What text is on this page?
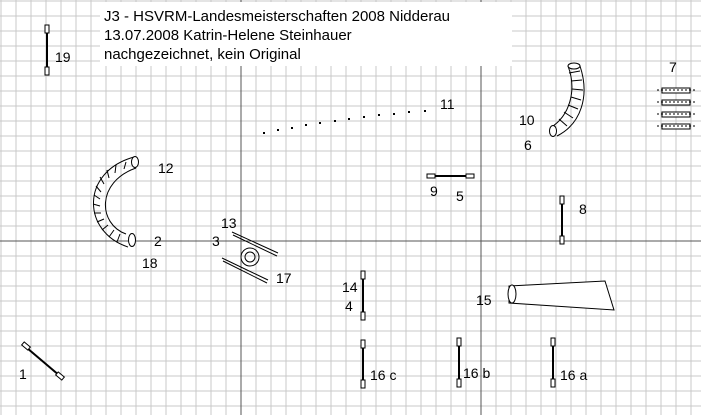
J3 - HSVRM-Landesmeisterschaften 2008 Nidderau
13.07.2008 Katrin-Helene Steinhauer
nachgezeichnet, kein Original
19
12
2
18
13
3
17
11
10
6
7
9 5
8
14
4	15
1	16 c	16 b	16 a
